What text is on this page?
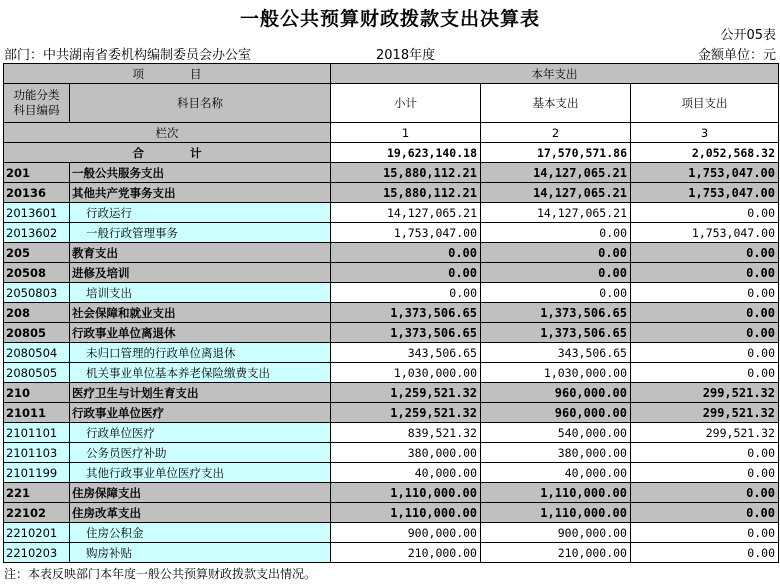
一般公共预算财政拨款支出决算表
公开05表
部门：中共湖南省委机构编制委员会办公室	2018年度	金额单位：元
项　　　　目		本年支出		
功能分类
科目编码	科目名称	小计	基本支出	项目支出
栏次		1	2	3
合　　　　计		19,623,140.18	17,570,571.86	2,052,568.32
201	一般公共服务支出	15,880,112.21	14,127,065.21	1,753,047.00
20136	其他共产党事务支出	15,880,112.21	14,127,065.21	1,753,047.00
2013601	行政运行	14,127,065.21	14,127,065.21	0.00
2013602	一般行政管理事务	1,753,047.00	0.00	1,753,047.00
205	教育支出	0.00	0.00	0.00
20508	进修及培训	0.00	0.00	0.00
2050803	培训支出	0.00	0.00	0.00
208	社会保障和就业支出	1,373,506.65	1,373,506.65	0.00
20805	行政事业单位离退休	1,373,506.65	1,373,506.65	0.00
2080504	未归口管理的行政单位离退休	343,506.65	343,506.65	0.00
2080505	机关事业单位基本养老保险缴费支出	1,030,000.00	1,030,000.00	0.00
210	医疗卫生与计划生育支出	1,259,521.32	960,000.00	299,521.32
21011	行政事业单位医疗	1,259,521.32	960,000.00	299,521.32
2101101	行政单位医疗	839,521.32	540,000.00	299,521.32
2101103	公务员医疗补助	380,000.00	380,000.00	0.00
2101199	其他行政事业单位医疗支出	40,000.00	40,000.00	0.00
221	住房保障支出	1,110,000.00	1,110,000.00	0.00
22102	住房改革支出	1,110,000.00	1,110,000.00	0.00
2210201	住房公积金	900,000.00	900,000.00	0.00
2210203	购房补贴	210,000.00	210,000.00	0.00
注：本表反映部门本年度一般公共预算财政拨款支出情况。
